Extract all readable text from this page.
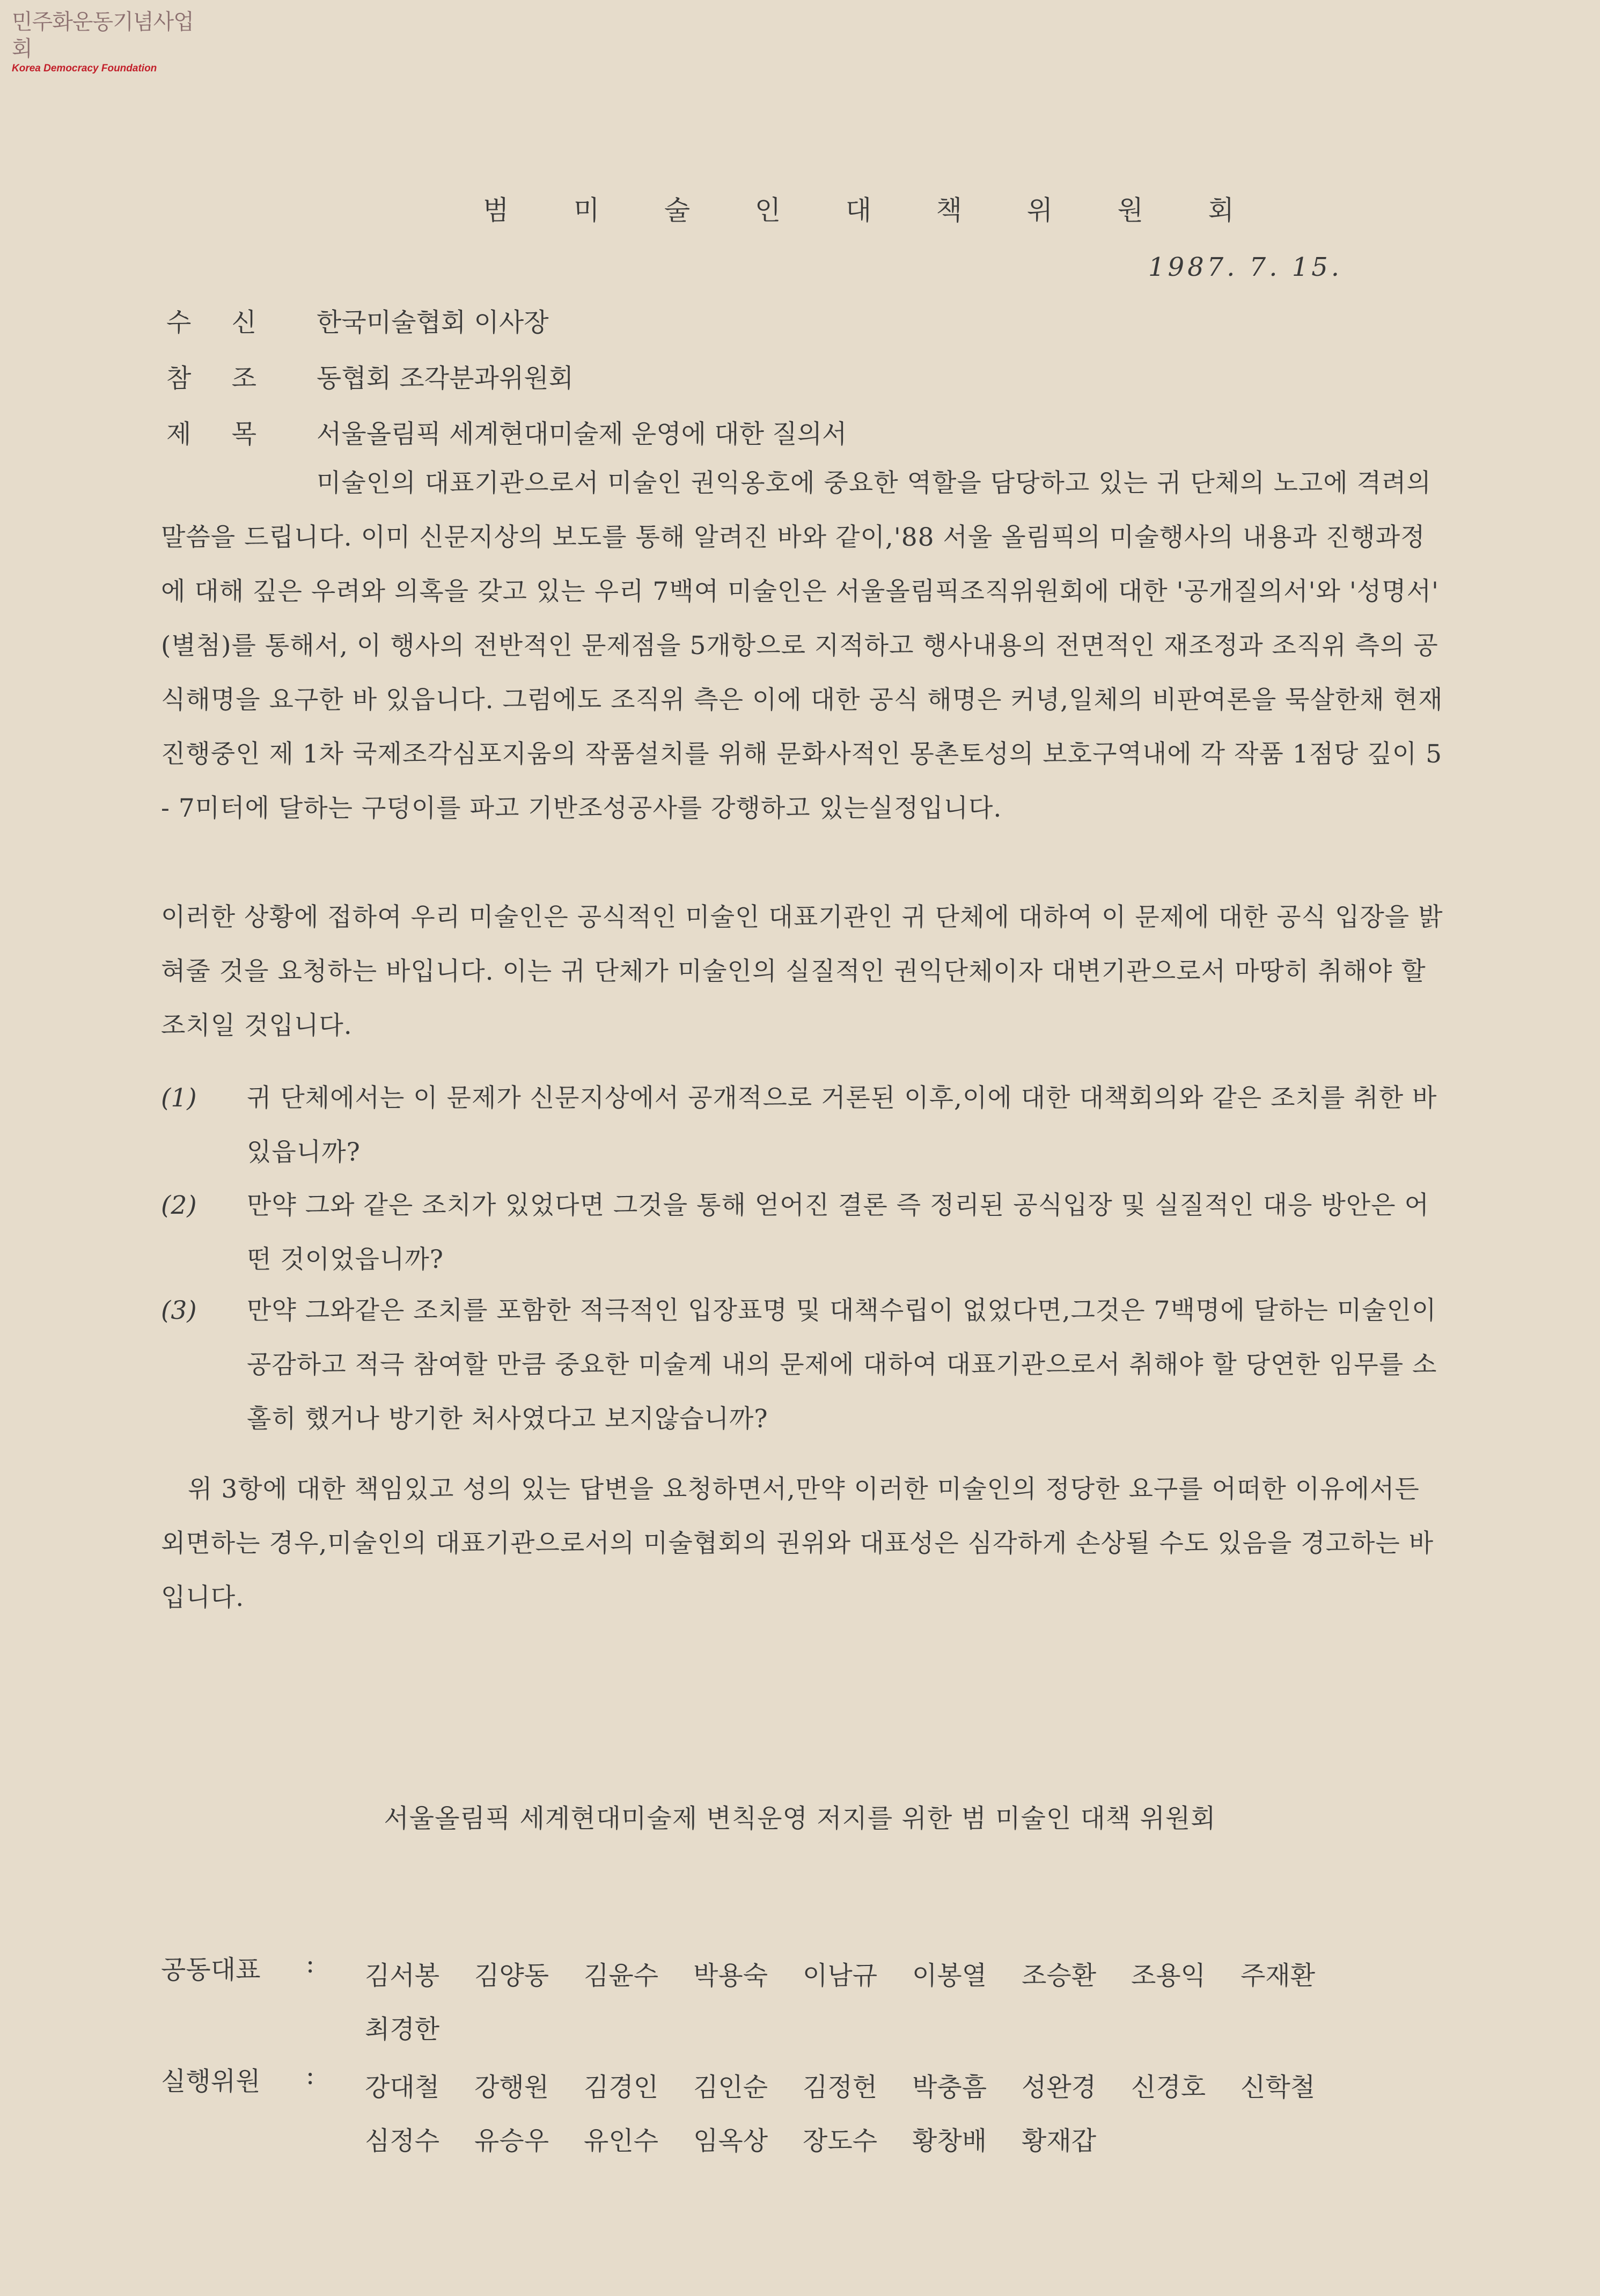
민주화운동기념사업회
Korea Democracy Foundation
범 미 술 인 대 책 위 원 회
1987. 7. 15.
수 신 한국미술협회 이사장
참 조 동협회 조각분과위원회
제 목 서울올림픽 세계현대미술제 운영에 대한 질의서

미술인의 대표기관으로서 미술인 권익옹호에 중요한 역할을 담당하고 있는 귀 단체의 노고에 격려의 말씀을 드립니다. 이미 신문지상의 보도를 통해 알려진 바와 같이,'88 서울 올림픽의 미술행사의 내용과 진행과정에 대해 깊은 우려와 의혹을 갖고 있는 우리 7백여 미술인은 서울올림픽조직위원회에 대한 '공개질의서'와 '성명서' (별첨)를 통해서, 이 행사의 전반적인 문제점을 5개항으로 지적하고 행사내용의 전면적인 재조정과 조직위 측의 공식해명을 요구한 바 있읍니다. 그럼에도 조직위 측은 이에 대한 공식 해명은 커녕,일체의 비판여론을 묵살한채 현재 진행중인 제 1차 국제조각심포지움의 작품설치를 위해 문화사적인 몽촌토성의 보호구역내에 각 작품 1점당 깊이 5 - 7미터에 달하는 구덩이를 파고 기반조성공사를 강행하고 있는실정입니다.

이러한 상황에 접하여 우리 미술인은 공식적인 미술인 대표기관인 귀 단체에 대하여 이 문제에 대한 공식 입장을 밝혀줄 것을 요청하는 바입니다. 이는 귀 단체가 미술인의 실질적인 권익단체이자 대변기관으로서 마땅히 취해야 할 조치일 것입니다.

(1) 귀 단체에서는 이 문제가 신문지상에서 공개적으로 거론된 이후,이에 대한 대책회의와 같은 조치를 취한 바 있읍니까?
(2) 만약 그와 같은 조치가 있었다면 그것을 통해 얻어진 결론 즉 정리된 공식입장 및 실질적인 대응 방안은 어떤 것이었읍니까?
(3) 만약 그와같은 조치를 포함한 적극적인 입장표명 및 대책수립이 없었다면,그것은 7백명에 달하는 미술인이 공감하고 적극 참여할 만큼 중요한 미술계 내의 문제에 대하여 대표기관으로서 취해야 할 당연한 임무를 소홀히 했거나 방기한 처사였다고 보지않습니까?

위 3항에 대한 책임있고 성의 있는 답변을 요청하면서,만약 이러한 미술인의 정당한 요구를 어떠한 이유에서든 외면하는 경우,미술인의 대표기관으로서의 미술협회의 권위와 대표성은 심각하게 손상될 수도 있음을 경고하는 바입니다.

서울올림픽 세계현대미술제 변칙운영 저지를 위한 범 미술인 대책 위원회
공동대표	: 김서봉	김양동	김윤수	박용숙	이남규	이봉열	조승환	조용익	주재환
최경한
실행위원	: 강대철	강행원	김경인	김인순	김정헌	박충흠	성완경	신경호	신학철
심정수	유승우	유인수	임옥상	장도수	황창배	황재갑
